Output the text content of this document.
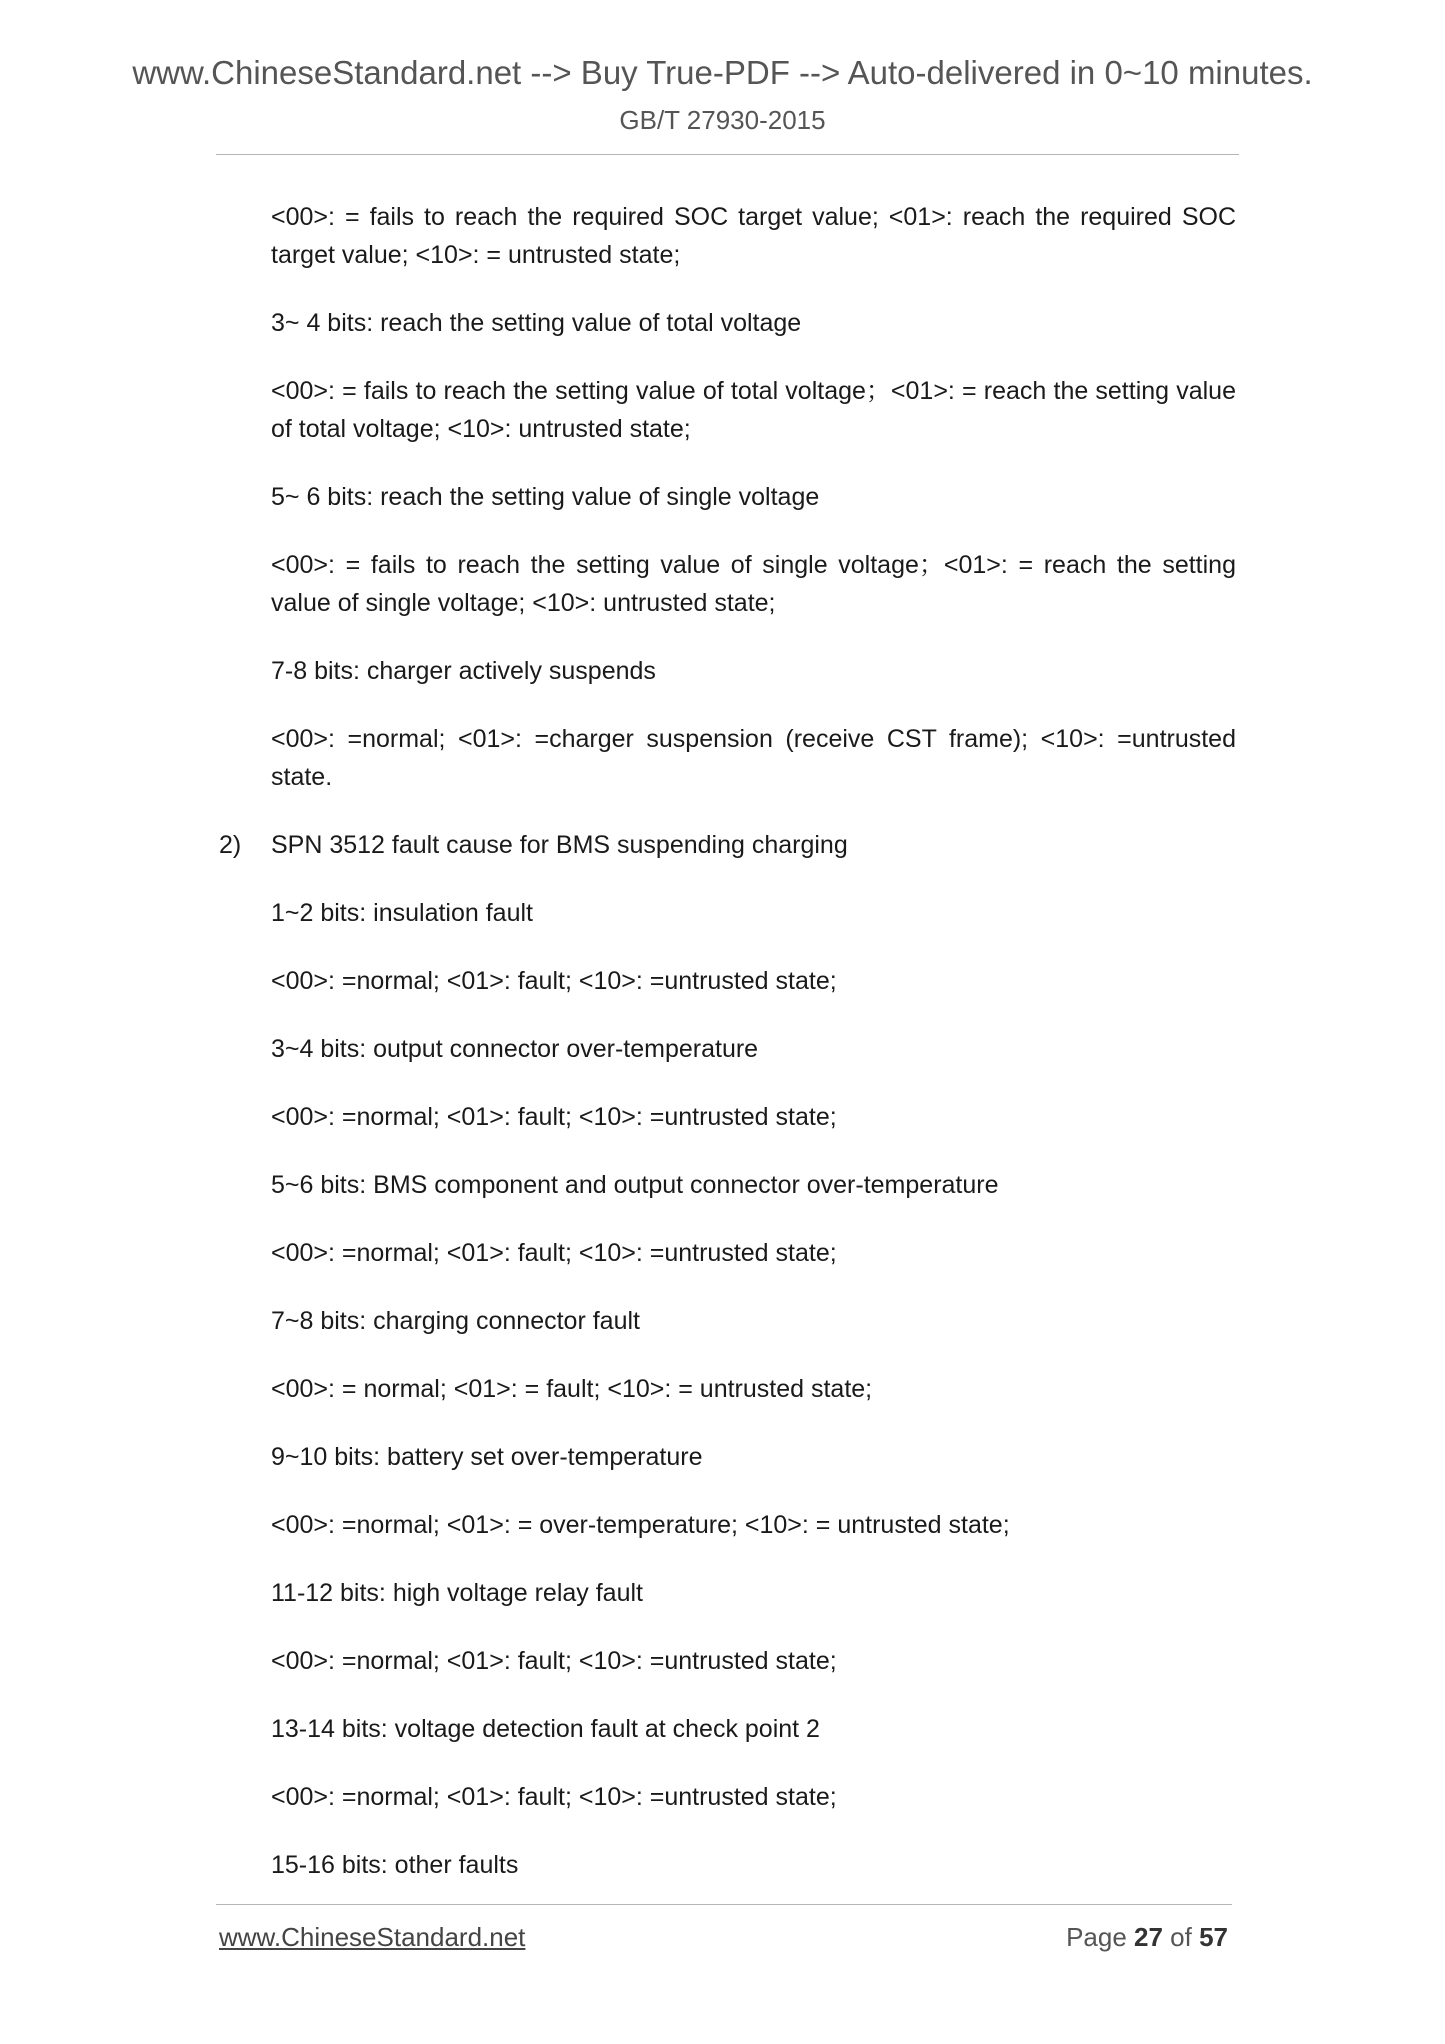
www.ChineseStandard.net --> Buy True-PDF --> Auto-delivered in 0~10 minutes.
GB/T 27930-2015

<00>: = fails to reach the required SOC target value; <01>: reach the required SOC target value; <10>: = untrusted state;

3~ 4 bits: reach the setting value of total voltage

<00>: = fails to reach the setting value of total voltage；<01>: = reach the setting value of total voltage; <10>: untrusted state;

5~ 6 bits: reach the setting value of single voltage

<00>: = fails to reach the setting value of single voltage；<01>: = reach the setting value of single voltage; <10>: untrusted state;

7-8 bits: charger actively suspends

<00>: =normal; <01>: =charger suspension (receive CST frame); <10>: =untrusted state.

2) SPN 3512 fault cause for BMS suspending charging

1~2 bits: insulation fault

<00>: =normal; <01>: fault; <10>: =untrusted state;

3~4 bits: output connector over-temperature

<00>: =normal; <01>: fault; <10>: =untrusted state;

5~6 bits: BMS component and output connector over-temperature

<00>: =normal; <01>: fault; <10>: =untrusted state;

7~8 bits: charging connector fault

<00>: = normal; <01>: = fault; <10>: = untrusted state;

9~10 bits: battery set over-temperature

<00>: =normal; <01>: = over-temperature; <10>: = untrusted state;

11-12 bits: high voltage relay fault

<00>: =normal; <01>: fault; <10>: =untrusted state;

13-14 bits: voltage detection fault at check point 2

<00>: =normal; <01>: fault; <10>: =untrusted state;

15-16 bits: other faults

www.ChineseStandard.net	Page 27 of 57
